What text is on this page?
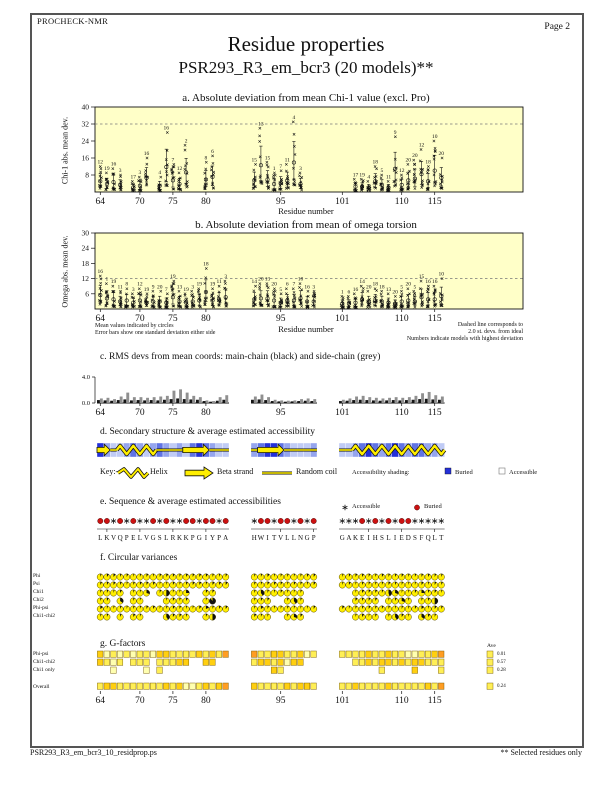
PROCHECK-NMR
Page 2
Residue properties
PSR293_R3_em_bcr3 (20 models)**
a. Absolute deviation from mean Chi-1 value (excl. Pro)
Chi-1 abs. mean dev.
Residue number
b. Absolute deviation from mean of omega torsion
Omega abs. mean dev.
Residue number
Mean values indicated by circles
Error bars show one standard deviation either side
Dashed line corresponds to
2.0 st. devs. from ideal
Numbers indicate models with highest deviation
c. RMS devs from mean coords: main-chain (black) and side-chain (grey)
d. Secondary structure & average estimated accessibility
e. Sequence & average estimated accessibilities
f. Circular variances
g. G-factors
Key:-	Helix	Beta strand	Random coil Accessibility shading:	Buried	Accessible
Accessible	Buried
Phi
Psi
Chi1
Chi2
Phi-psi
Chi1-chi2
Phi-psi
Chi1-chi2
Chi1 only
Overall
Ave
0.01
0.57
0.28
0.24
PSR293_R3_em_bcr3_10_residprop.ps	** Selected residues only
8
16
24
32
40
64	70 75 80	95	101	110 115
12
19
16
3
17
3
16
4
16
7
12
2
8
6
15
13
15
1 7
11
4
3
17 19 4
18
5
11
9
12
20
20
12
18
10
20
6
12
18
24
30
64	70 75 80	95	101	110 115
16
1 19
11 8
3
12
19 9 20 7
19
13 19 3 19
18
19 11
3
14 20 13
20
5
6 7
18
16 3
1 6 16
14
20 18 18 13 20
5 20 5
15
16 16
10
4.0
0.0
64	70 75 80	95	101	110 115
L K V Q P E L V G S L R K K P G I Y P A	H W I T V L L N G P	G A K E I H S L I E D S F Q L T
64	70 75 80	95	101	110 115
